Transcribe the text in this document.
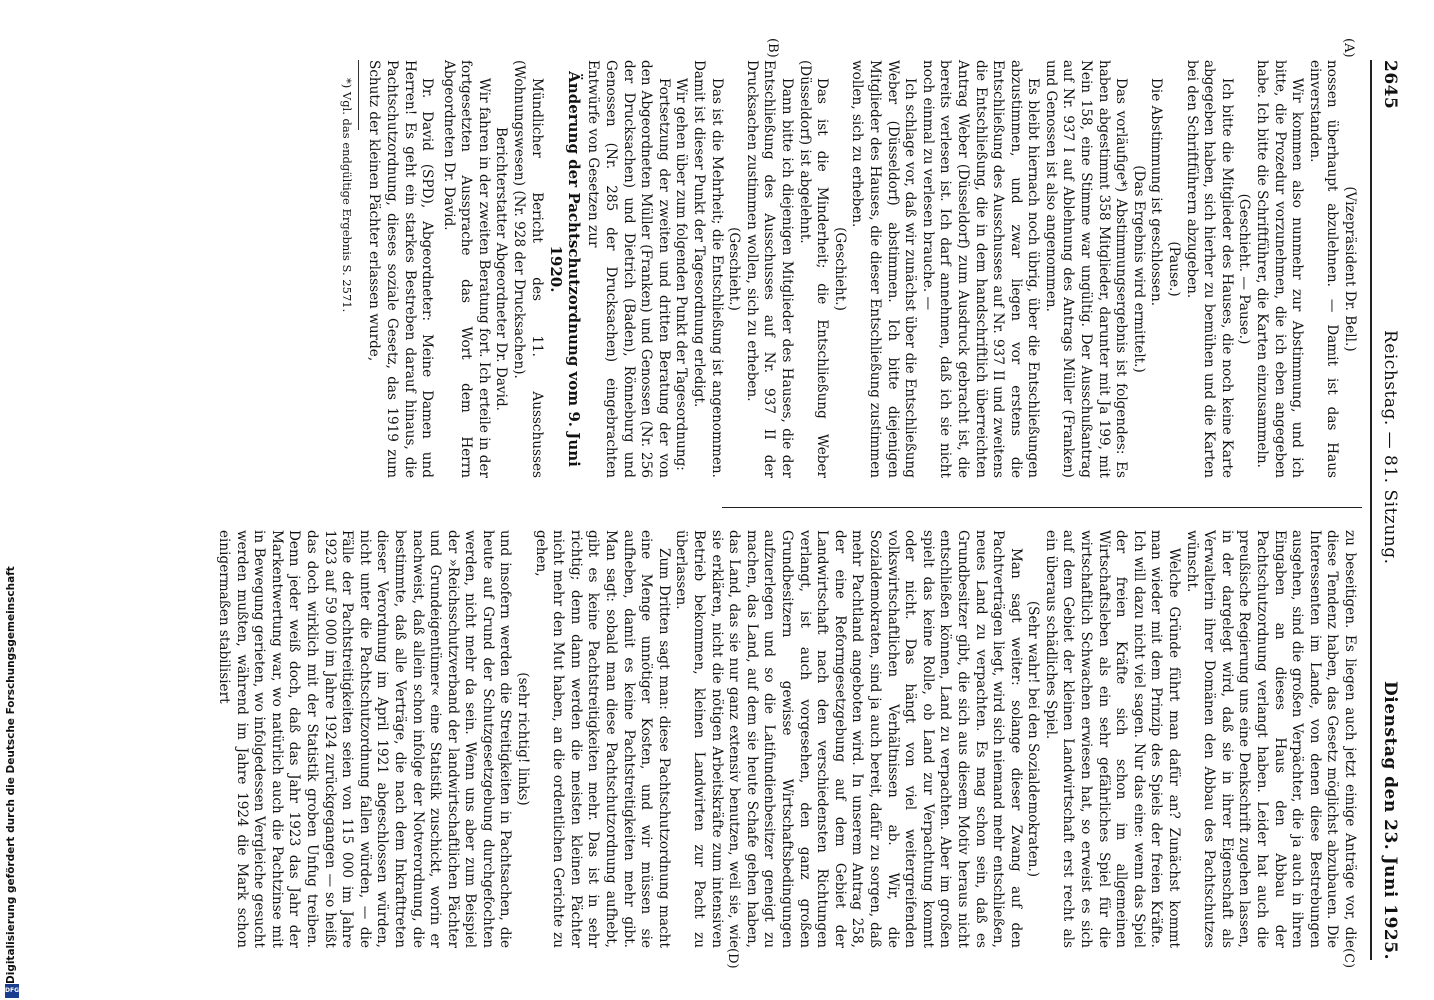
2645
Reichstag. — 81. Sitzung.
Dienstag den 23. Juni 1925.
(C)
(D)
(A)
(B)

(Vizepräsident Dr. Bell.)

nossen überhaupt abzulehnen. — Damit ist das Haus einverstanden.

Wir kommen also nunmehr zur Abstimmung, und ich bitte, die Prozedur vorzunehmen, die ich eben angegeben habe. Ich bitte die Schriftführer, die Karten einzusammeln.

(Geschieht. — Pause.)

Ich bitte die Mitglieder des Hauses, die noch keine Karte abgegeben haben, sich hierher zu bemühen und die Karten bei den Schriftführern abzugeben.

(Pause.)

Die Abstimmung ist geschlossen.

(Das Ergebnis wird ermittelt.)

Das vorläufige*) Abstimmungsergebnis ist folgendes: Es haben abgestimmt 358 Mitglieder, darunter mit Ja 199, mit Nein 158, eine Stimme war ungültig. Der Ausschußantrag auf Nr. 937 I auf Ablehnung des Antrags Müller (Franken) und Genossen ist also angenommen.

Es bleibt hiernach noch übrig, über die Entschließungen abzustimmen, und zwar liegen vor erstens die Entschließung des Ausschusses auf Nr. 937 II und zweitens die Entschließung, die in dem handschriftlich überreichten Antrag Weber (Düsseldorf) zum Ausdruck gebracht ist, die bereits verlesen ist. Ich darf annehmen, daß ich sie nicht noch einmal zu verlesen brauche. —

Ich schlage vor, daß wir zunächst über die Entschließung Weber (Düsseldorf) abstimmen. Ich bitte diejenigen Mitglieder des Hauses, die dieser Entschließung zustimmen wollen, sich zu erheben.

(Geschieht.)

Das ist die Minderheit; die Entschließung Weber (Düsseldorf) ist abgelehnt.

Dann bitte ich diejenigen Mitglieder des Hauses, die der Entschließung des Ausschusses auf Nr. 937 II der Drucksachen zustimmen wollen, sich zu erheben.

(Geschieht.)

Das ist die Mehrheit; die Entschließung ist angenommen. Damit ist dieser Punkt der Tagesordnung erledigt.

Wir gehen über zum folgenden Punkt der Tagesordnung:

Fortsetzung der zweiten und dritten Beratung der von den Abgeordneten Müller (Franken) und Genossen (Nr. 256 der Drucksachen) und Dietrich (Baden), Rönneburg und Genossen (Nr. 285 der Drucksachen) eingebrachten Entwürfe von Gesetzen zur

Änderung der Pachtschutzordnung vom 9. Juni 1920.

Mündlicher Bericht des 11. Ausschusses (Wohnungswesen) (Nr. 928 der Drucksachen).

Berichterstatter Abgeordneter Dr. David.

Wir fahren in der zweiten Beratung fort. Ich erteile in der fortgesetzten Aussprache das Wort dem Herrn Abgeordneten Dr. David.

Dr. David (SPD), Abgeordneter: Meine Damen und Herren! Es geht ein starkes Bestreben darauf hinaus, die Pachtschutzordnung, dieses soziale Gesetz, das 1919 zum Schutz der kleinen Pächter erlassen wurde,

*) Vgl. das endgültige Ergebnis S. 2571.

zu beseitigen. Es liegen auch jetzt einige Anträge vor, die diese Tendenz haben, das Gesetz möglichst abzubauen. Die Interessenten im Lande, von denen diese Bestrebungen ausgehen, sind die großen Verpächter, die ja auch in ihren Eingaben an dieses Haus den Abbau der Pachtschutzordnung verlangt haben. Leider hat auch die preußische Regierung uns eine Denkschrift zugehen lassen, in der dargelegt wird, daß sie in ihrer Eigenschaft als Verwalterin ihrer Domänen den Abbau des Pachtschutzes wünscht.

Welche Gründe führt man dafür an? Zunächst kommt man wieder mit dem Prinzip des Spiels der freien Kräfte. Ich will dazu nicht viel sagen. Nur das eine: wenn das Spiel der freien Kräfte sich schon im allgemeinen Wirtschaftsleben als ein sehr gefährliches Spiel für die wirtschaftlich Schwachen erwiesen hat, so erweist es sich auf dem Gebiet der kleinen Landwirtschaft erst recht als ein überaus schädliches Spiel.

(Sehr wahr! bei den Sozialdemokraten.)

Man sagt weiter: solange dieser Zwang auf den Pachtverträgen liegt, wird sich niemand mehr entschließen, neues Land zu verpachten. Es mag schon sein, daß es Grundbesitzer gibt, die sich aus diesem Motiv heraus nicht entschließen können, Land zu verpachten. Aber im großen spielt das keine Rolle, ob Land zur Verpachtung kommt oder nicht. Das hängt von viel weitergreifenden volkswirtschaftlichen Verhältnissen ab. Wir, die Sozialdemokraten, sind ja auch bereit, dafür zu sorgen, daß mehr Pachtland angeboten wird. In unserem Antrag 258, der eine Reformgesetzgebung auf dem Gebiet der Landwirtschaft nach den verschiedensten Richtungen verlangt, ist auch vorgesehen, den ganz großen Grundbesitzern gewisse Wirtschaftsbedingungen aufzuerlegen und so die Latifundienbesitzer geneigt zu machen, das Land, auf dem sie heute Schafe gehen haben, das Land, das sie nur ganz extensiv benutzen, weil sie, wie sie erklären, nicht die nötigen Arbeitskräfte zum intensiven Betrieb bekommen, kleinen Landwirten zur Pacht zu überlassen.

Zum Dritten sagt man: diese Pachtschutzordnung macht eine Menge unnötiger Kosten, und wir müssen sie aufheben, damit es keine Pachtstreitigkeiten mehr gibt. Man sagt: sobald man diese Pachtschutzordnung aufhebt, gibt es keine Pachtstreitigkeiten mehr. Das ist in sehr richtig; denn dann werden die meisten kleinen Pächter nicht mehr den Mut haben, an die ordentlichen Gerichte zu gehen,

(sehr richtig! links)

und insofern werden die Streitigkeiten in Pachtsachen, die heute auf Grund der Schutzgesetzgebung durchgefochten werden, nicht mehr da sein. Wenn uns aber zum Beispiel der »Reichsschutzverband der landwirtschaftlichen Pächter und Grundeigentümer« eine Statistik zuschickt, worin er nachweist, daß allein schon infolge der Notverordnung, die bestimmte, daß alle Verträge, die nach dem Inkrafttreten dieser Verordnung im April 1921 abgeschlossen würden, nicht unter die Pachtschutzordnung fallen würden, — die Fälle der Pachtstreitigkeiten seien von 115 000 im Jahre 1923 auf 59 000 im Jahre 1924 zurückgegangen — so heißt das doch wirklich mit der Statistik groben Unfug treiben. Denn jeder weiß doch, daß das Jahr 1923 das Jahr der Markentwertung war, wo natürlich auch die Pachtzinse mit in Bewegung gerieten, wo infolgedessen Vergleiche gesucht werden mußten, während im Jahre 1924 die Mark schon einigermaßen stabilisiert

Digitalisierung gefördert durch die Deutsche Forschungsgemeinschaft
DFG
